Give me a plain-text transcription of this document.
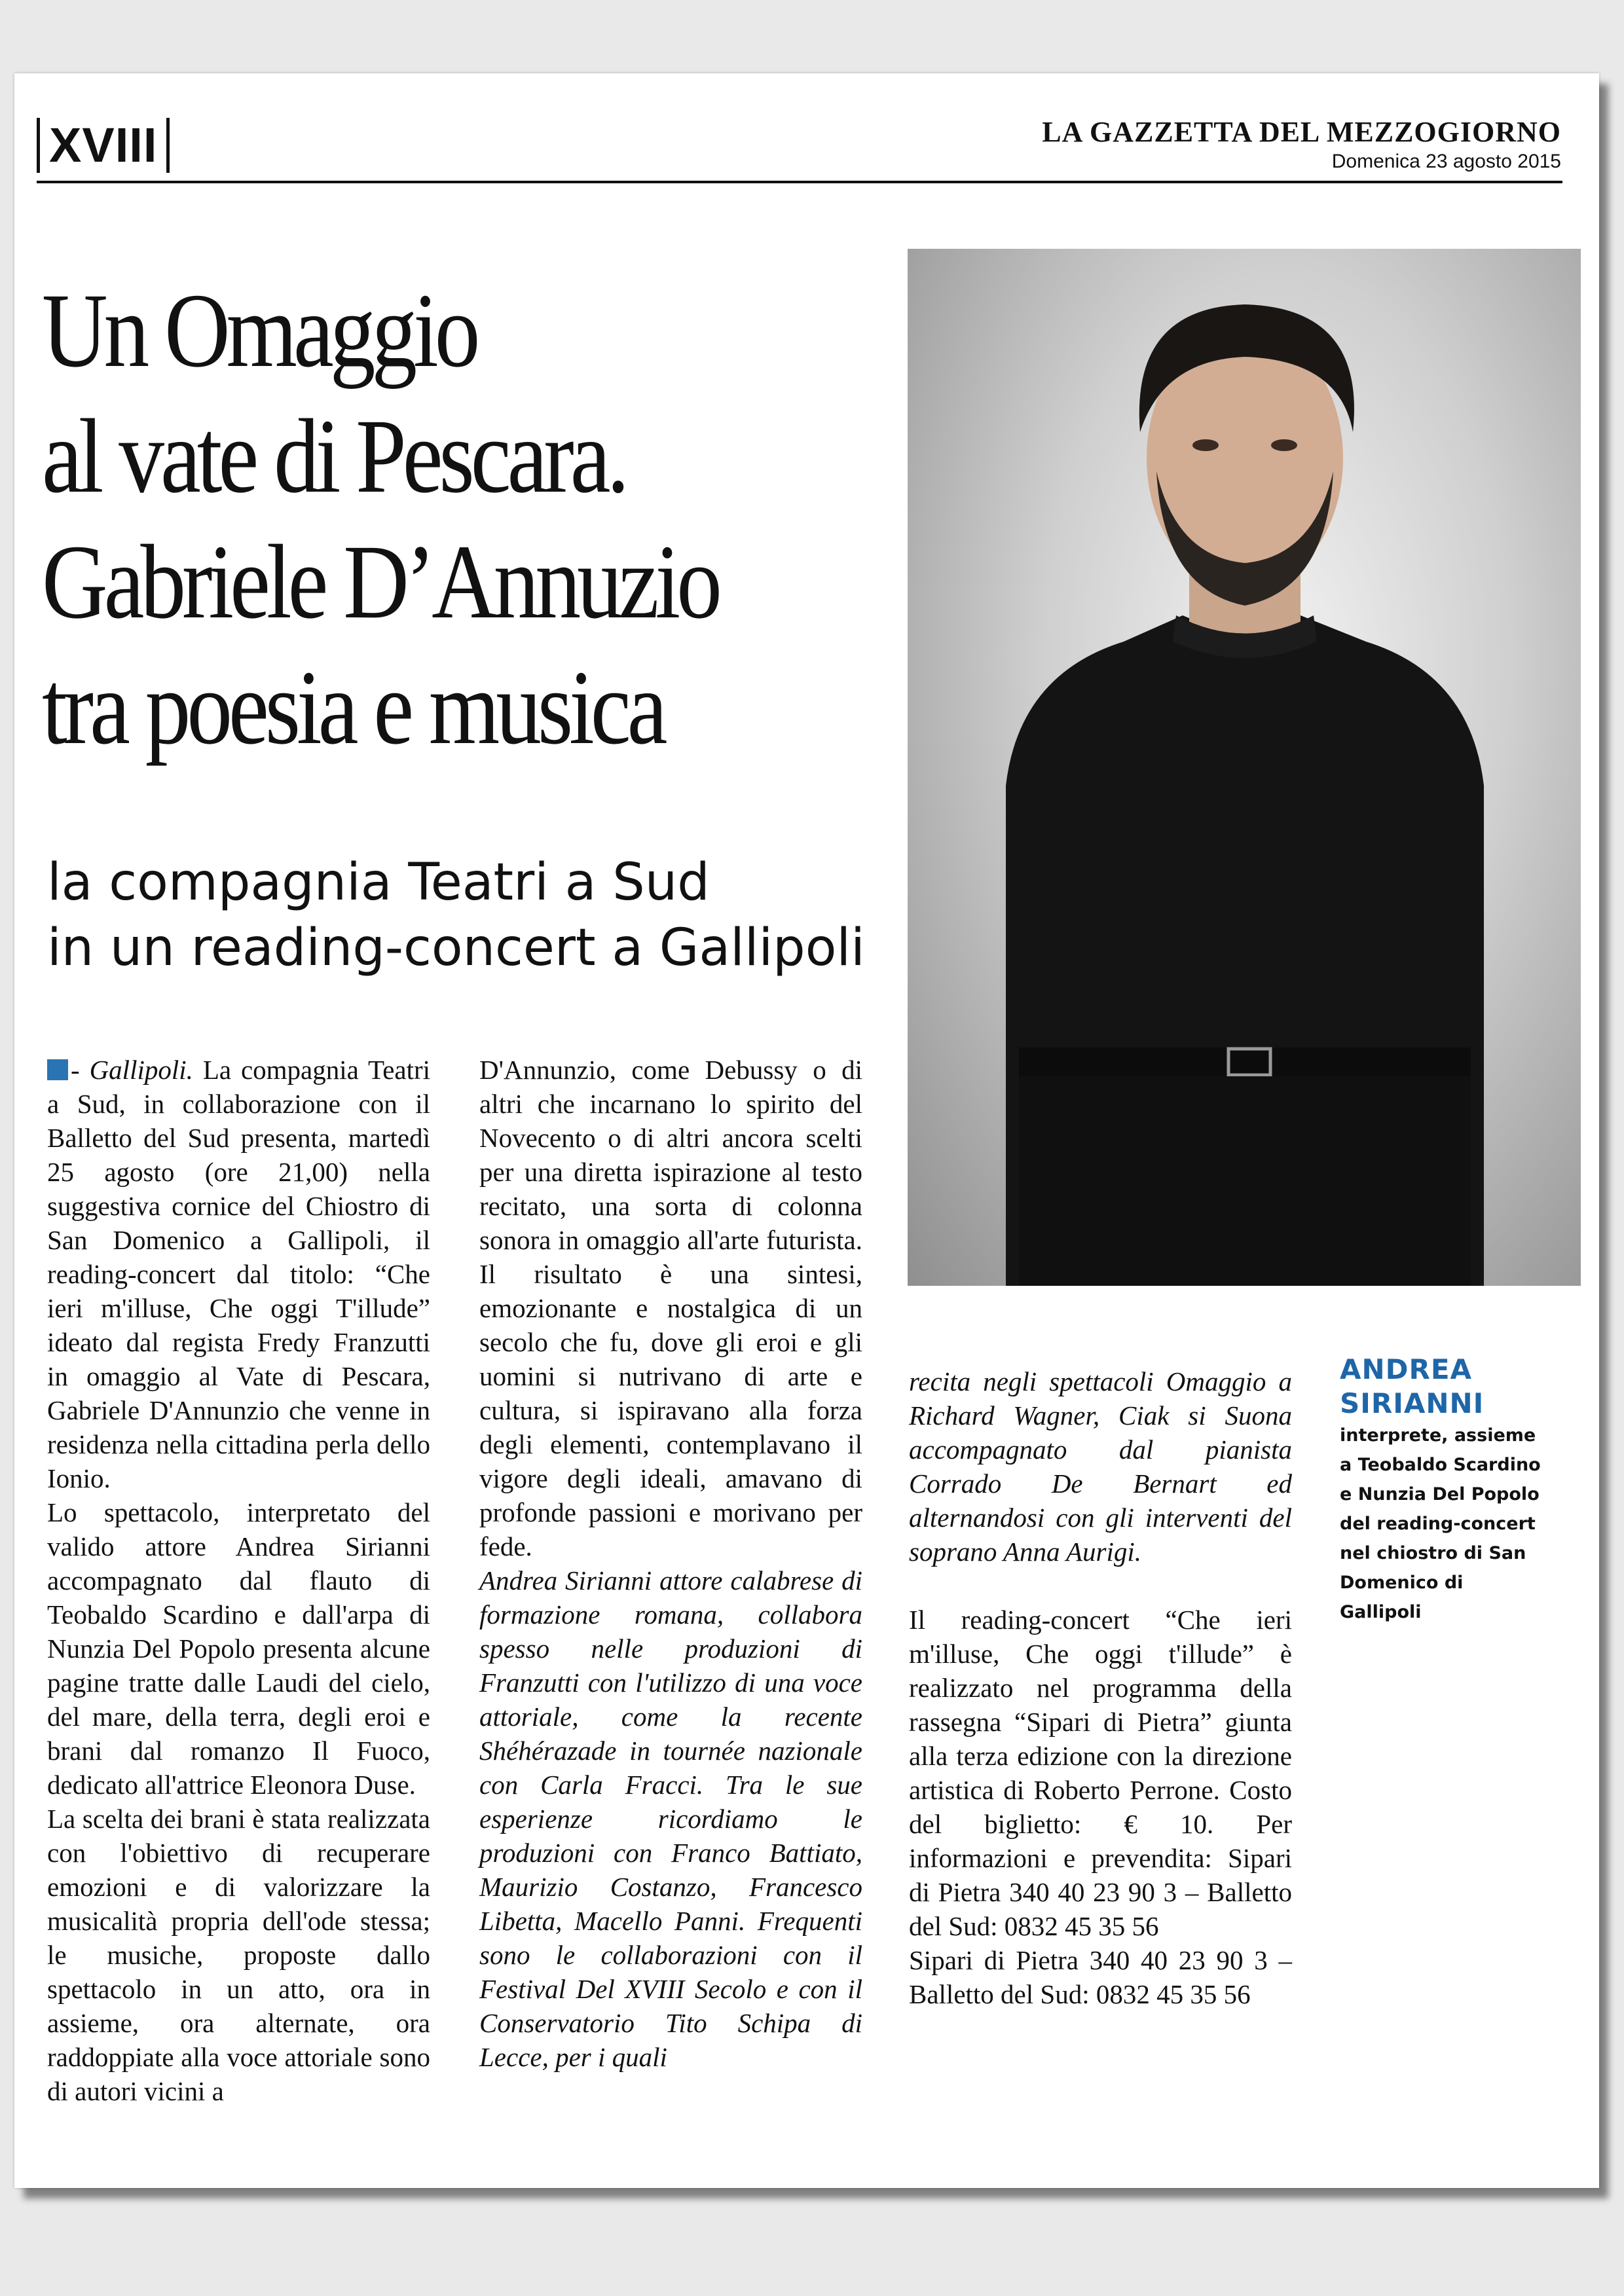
XVIII	LA GAZZETTA DEL MEZZOGIORNO
Domenica 23 agosto 2015
Un Omaggio
al vate di Pescara.
Gabriele D’Annuzio
tra poesia e musica
la compagnia Teatri a Sud
in un reading-concert a Gallipoli

- Gallipoli. La compagnia Teatri a Sud, in collaborazione con il Balletto del Sud presenta, martedì 25 agosto (ore 21,00) nella suggestiva cornice del Chiostro di San Domenico a Gallipoli, il reading-concert dal titolo: “Che ieri m'illuse, Che oggi T'illude” ideato dal regista Fredy Franzutti in omaggio al Vate di Pescara, Gabriele D'Annunzio che venne in residenza nella cittadina perla dello Ionio.

Lo spettacolo, interpretato del valido attore Andrea Sirianni accompagnato dal flauto di Teobaldo Scardino e dall'arpa di Nunzia Del Popolo presenta alcune pagine tratte dalle Laudi del cielo, del mare, della terra, degli eroi e brani dal romanzo Il Fuoco, dedicato all'attrice Eleonora Duse.

La scelta dei brani è stata realizzata con l'obiettivo di recuperare emozioni e di valorizzare la musicalità propria dell'ode stessa; le musiche, proposte dallo spettacolo in un atto, ora in assieme, ora alternate, ora raddoppiate alla voce attoriale sono di autori vicini a

D'Annunzio, come Debussy o di altri che incarnano lo spirito del Novecento o di altri ancora scelti per una diretta ispirazione al testo recitato, una sorta di colonna sonora in omaggio all'arte futurista. Il risultato è una sintesi, emozionante e nostalgica di un secolo che fu, dove gli eroi e gli uomini si nutrivano di arte e cultura, si ispiravano alla forza degli elementi, contemplavano il vigore degli ideali, amavano di profonde passioni e morivano per fede.

Andrea Sirianni attore calabrese di formazione romana, collabora spesso nelle produzioni di Franzutti con l'utilizzo di una voce attoriale, come la recente Shéhérazade in tournée nazionale con Carla Fracci. Tra le sue esperienze ricordiamo le produzioni con Franco Battiato, Maurizio Costanzo, Francesco Libetta, Macello Panni. Frequenti sono le collaborazioni con il Festival Del XVIII Secolo e con il Conservatorio Tito Schipa di Lecce, per i quali

recita negli spettacoli Omaggio a Richard Wagner, Ciak si Suona accompagnato dal pianista Corrado De Bernart ed alternandosi con gli interventi del soprano Anna Aurigi.

Il reading-concert “Che ieri m'illuse, Che oggi t'illude” è realizzato nel programma della rassegna “Sipari di Pietra” giunta alla terza edizione con la direzione artistica di Roberto Perrone. Costo del biglietto: € 10. Per informazioni e prevendita: Sipari di Pietra 340 40 23 90 3 – Balletto del Sud: 0832 45 35 56

Sipari di Pietra 340 40 23 90 3 – Balletto del Sud: 0832 45 35 56

ANDREA
SIRIANNI
interprete, assieme a Teobaldo Scardino e Nunzia Del Popolo del reading-concert nel chiostro di San Domenico di Gallipoli
